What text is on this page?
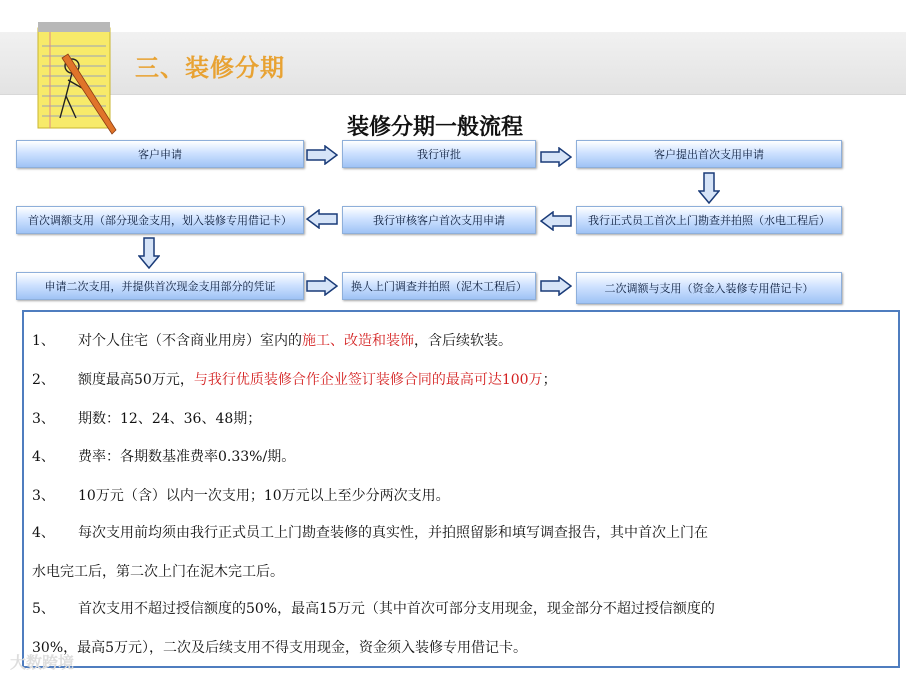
三、装修分期
装修分期一般流程
客户申请	我行审批	客户提出首次支用申请
首次调额支用（部分现金支用，划入装修专用借记卡）	我行审核客户首次支用申请	我行正式员工首次上门勘查并拍照（水电工程后）
申请二次支用，并提供首次现金支用部分的凭证	换人上门调查并拍照（泥木工程后）	二次调额与支用（资金入装修专用借记卡）
1、 对个人住宅（不含商业用房）室内的施工、改造和装饰，含后续软装。
2、 额度最高50万元，与我行优质装修合作企业签订装修合同的最高可达100万；
3、 期数：12、24、36、48期；
4、 费率：各期数基准费率0.33%/期。
3、 10万元（含）以内一次支用；10万元以上至少分两次支用。
4、 每次支用前均须由我行正式员工上门勘查装修的真实性，并拍照留影和填写调查报告，其中首次上门在
水电完工后，第二次上门在泥木完工后。
5、 首次支用不超过授信额度的50%，最高15万元（其中首次可部分支用现金，现金部分不超过授信额度的
30%，最高5万元），二次及后续支用不得支用现金，资金须入装修专用借记卡。
大数跨境
